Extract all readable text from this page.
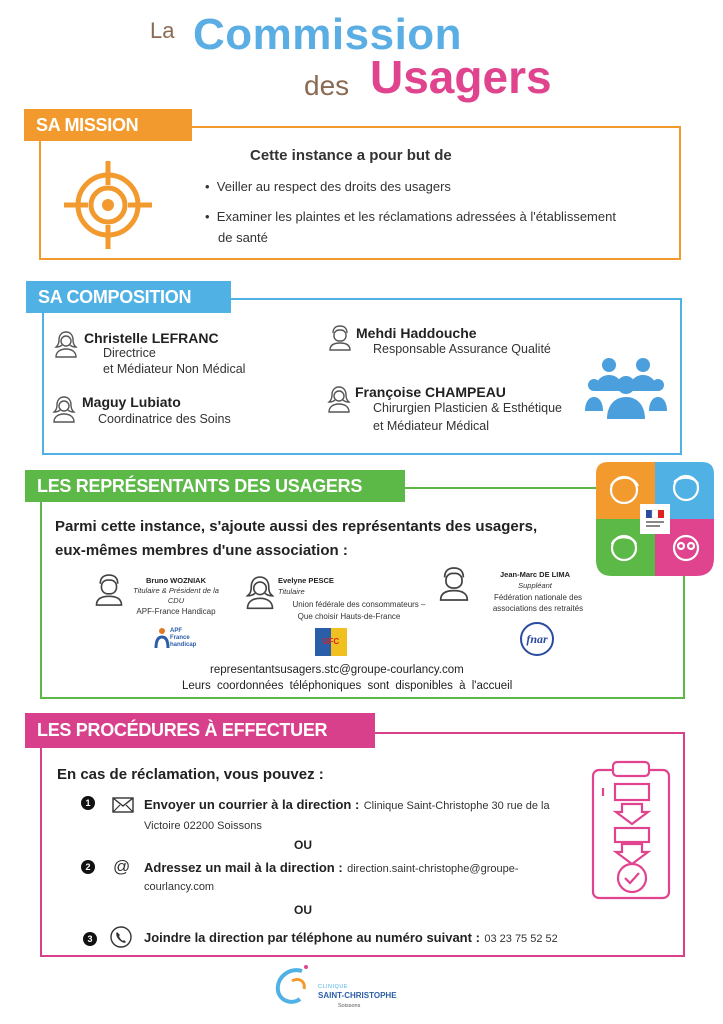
La Commission
des Usagers
SA MISSION
Cette instance a pour but de
•  Veiller au respect des droits des usagers
•  Examiner les plaintes et les réclamations adressées à l'établissement
de santé
SA COMPOSITION
Christelle LEFRANC
Directrice
et Médiateur Non Médical
Maguy Lubiato
Coordinatrice des Soins
Mehdi Haddouche
Responsable Assurance Qualité
Françoise CHAMPEAU
Chirurgien Plasticien & Esthétique
et Médiateur Médical
LES REPRÉSENTANTS DES USAGERS
Parmi cette instance, s'ajoute aussi des représentants des usagers,
eux-mêmes membres d'une association :
Bruno WOZNIAK
Titulaire & Président de la
CDU
APF-France Handicap
Evelyne PESCE
Titulaire
Union fédérale des consommateurs –
Que choisir Hauts-de-France
Jean-Marc DE LIMA
Suppléant
Fédération nationale des
associations des retraités
APF
France
handicap	UFC	fnar
representantsusagers.stc@groupe-courlancy.com
Leurs coordonnées téléphoniques sont disponibles à l'accueil
LES PROCÉDURES À EFFECTUER
En cas de réclamation, vous pouvez :
1	Envoyer un courrier à la direction : Clinique Saint-Christophe 30 rue de la
Victoire 02200 Soissons
OU
2 @ Adressez un mail à la direction : direction.saint-christophe@groupe-
courlancy.com
OU
3	Joindre la direction par téléphone au numéro suivant : 03 23 75 52 52
CLINIQUE
SAINT-CHRISTOPHE
Soissons
